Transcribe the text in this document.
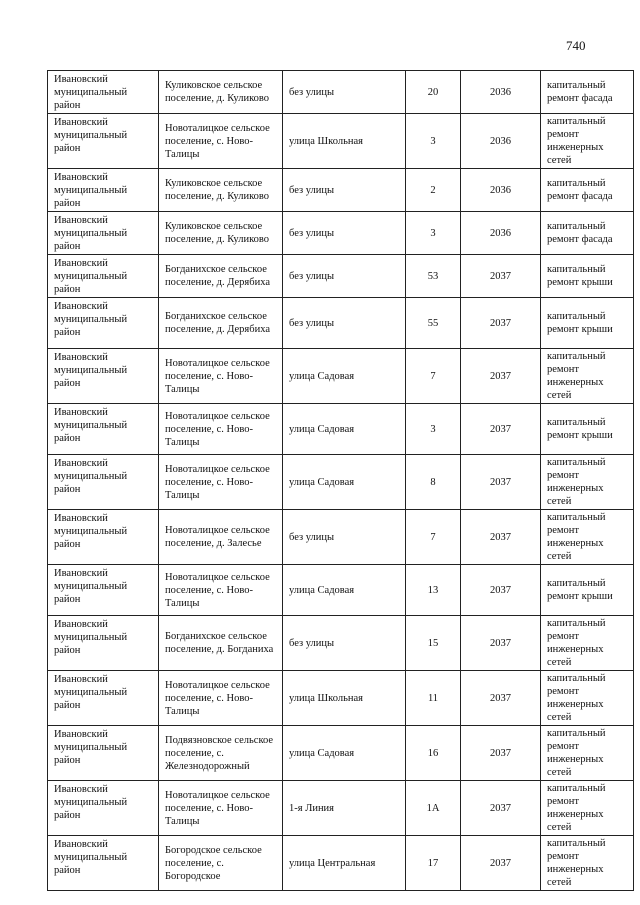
740
Ивановский муниципальный район	Куликовское сельское поселение, д. Куликово	без улицы	20	2036	капитальный ремонт фасада
Ивановский муниципальный район	Новоталицкое сельское поселение, с. Ново-Талицы	улица Школьная	3	2036	капитальный ремонт инженерных сетей
Ивановский муниципальный район	Куликовское сельское поселение, д. Куликово	без улицы	2	2036	капитальный ремонт фасада
Ивановский муниципальный район	Куликовское сельское поселение, д. Куликово	без улицы	3	2036	капитальный ремонт фасада
Ивановский муниципальный район	Богданихское сельское поселение, д. Дерябиха	без улицы	53	2037	капитальный ремонт крыши
Ивановский муниципальный район	Богданихское сельское поселение, д. Дерябиха	без улицы	55	2037	капитальный ремонт крыши
Ивановский муниципальный район	Новоталицкое сельское поселение, с. Ново-Талицы	улица Садовая	7	2037	капитальный ремонт инженерных сетей
Ивановский муниципальный район	Новоталицкое сельское поселение, с. Ново-Талицы	улица Садовая	3	2037	капитальный ремонт крыши
Ивановский муниципальный район	Новоталицкое сельское поселение, с. Ново-Талицы	улица Садовая	8	2037	капитальный ремонт инженерных сетей
Ивановский муниципальный район	Новоталицкое сельское поселение, д. Залесье	без улицы	7	2037	капитальный ремонт инженерных сетей
Ивановский муниципальный район	Новоталицкое сельское поселение, с. Ново-Талицы	улица Садовая	13	2037	капитальный ремонт крыши
Ивановский муниципальный район	Богданихское сельское поселение, д. Богданиха	без улицы	15	2037	капитальный ремонт инженерных сетей
Ивановский муниципальный район	Новоталицкое сельское поселение, с. Ново-Талицы	улица Школьная	11	2037	капитальный ремонт инженерных сетей
Ивановский муниципальный район	Подвязновское сельское поселение, с. Железнодорожный	улица Садовая	16	2037	капитальный ремонт инженерных сетей
Ивановский муниципальный район	Новоталицкое сельское поселение, с. Ново-Талицы	1-я Линия	1А	2037	капитальный ремонт инженерных сетей
Ивановский муниципальный район	Богородское сельское поселение, с. Богородское	улица Центральная	17	2037	капитальный ремонт инженерных сетей
